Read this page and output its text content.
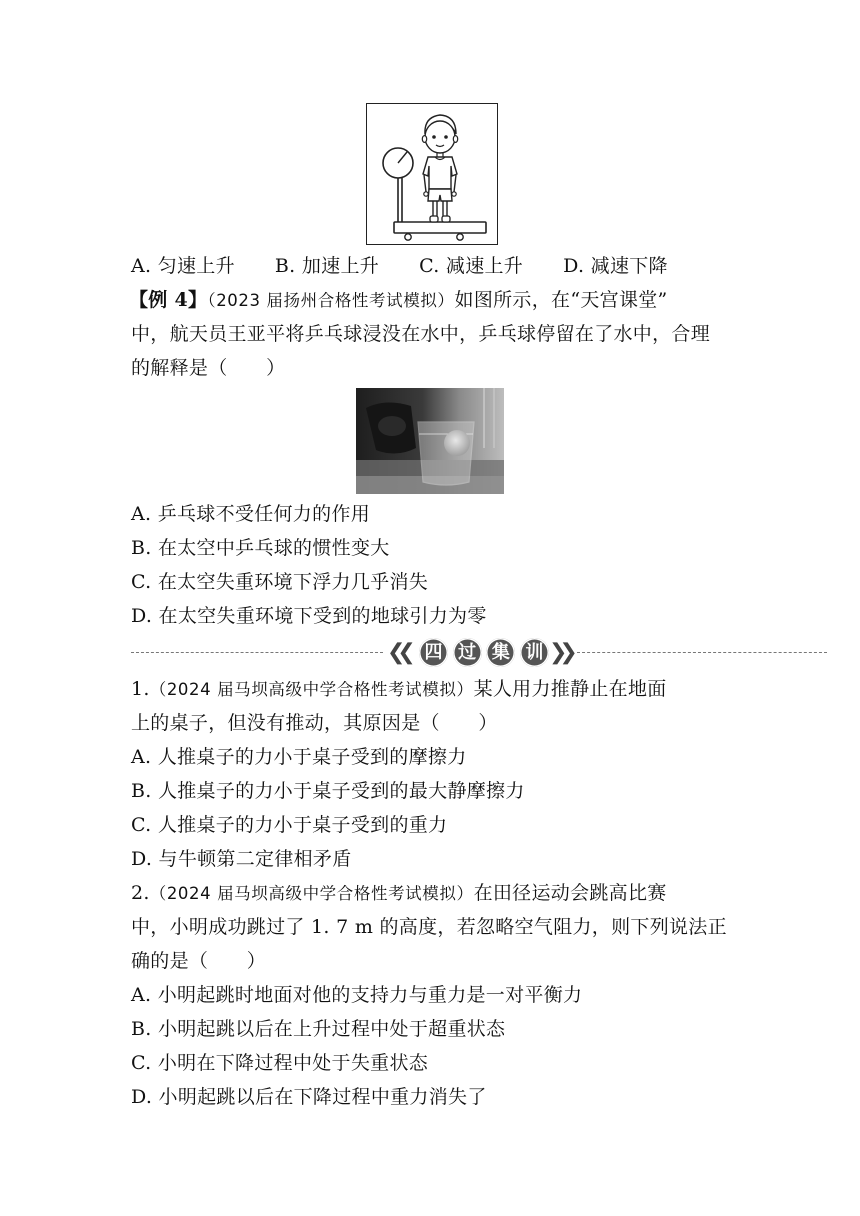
A. 匀速上升 B. 加速上升 C. 减速上升 D. 减速下降
【例 4】（2023 届扬州合格性考试模拟）如图所示，在“天宫课堂”
中，航天员王亚平将乒乓球浸没在水中，乒乓球停留在了水中，合理
的解释是（　　）
A. 乒乓球不受任何力的作用
B. 在太空中乒乓球的惯性变大
C. 在太空失重环境下浮力几乎消失
D. 在太空失重环境下受到的地球引力为零
❮❮ 四 过 集 训 ❯❯
1.（2024 届马坝高级中学合格性考试模拟）某人用力推静止在地面
上的桌子，但没有推动，其原因是（　　）
A. 人推桌子的力小于桌子受到的摩擦力
B. 人推桌子的力小于桌子受到的最大静摩擦力
C. 人推桌子的力小于桌子受到的重力
D. 与牛顿第二定律相矛盾
2.（2024 届马坝高级中学合格性考试模拟）在田径运动会跳高比赛
中，小明成功跳过了 1. 7 m 的高度，若忽略空气阻力，则下列说法正
确的是（　　）
A. 小明起跳时地面对他的支持力与重力是一对平衡力
B. 小明起跳以后在上升过程中处于超重状态
C. 小明在下降过程中处于失重状态
D. 小明起跳以后在下降过程中重力消失了
